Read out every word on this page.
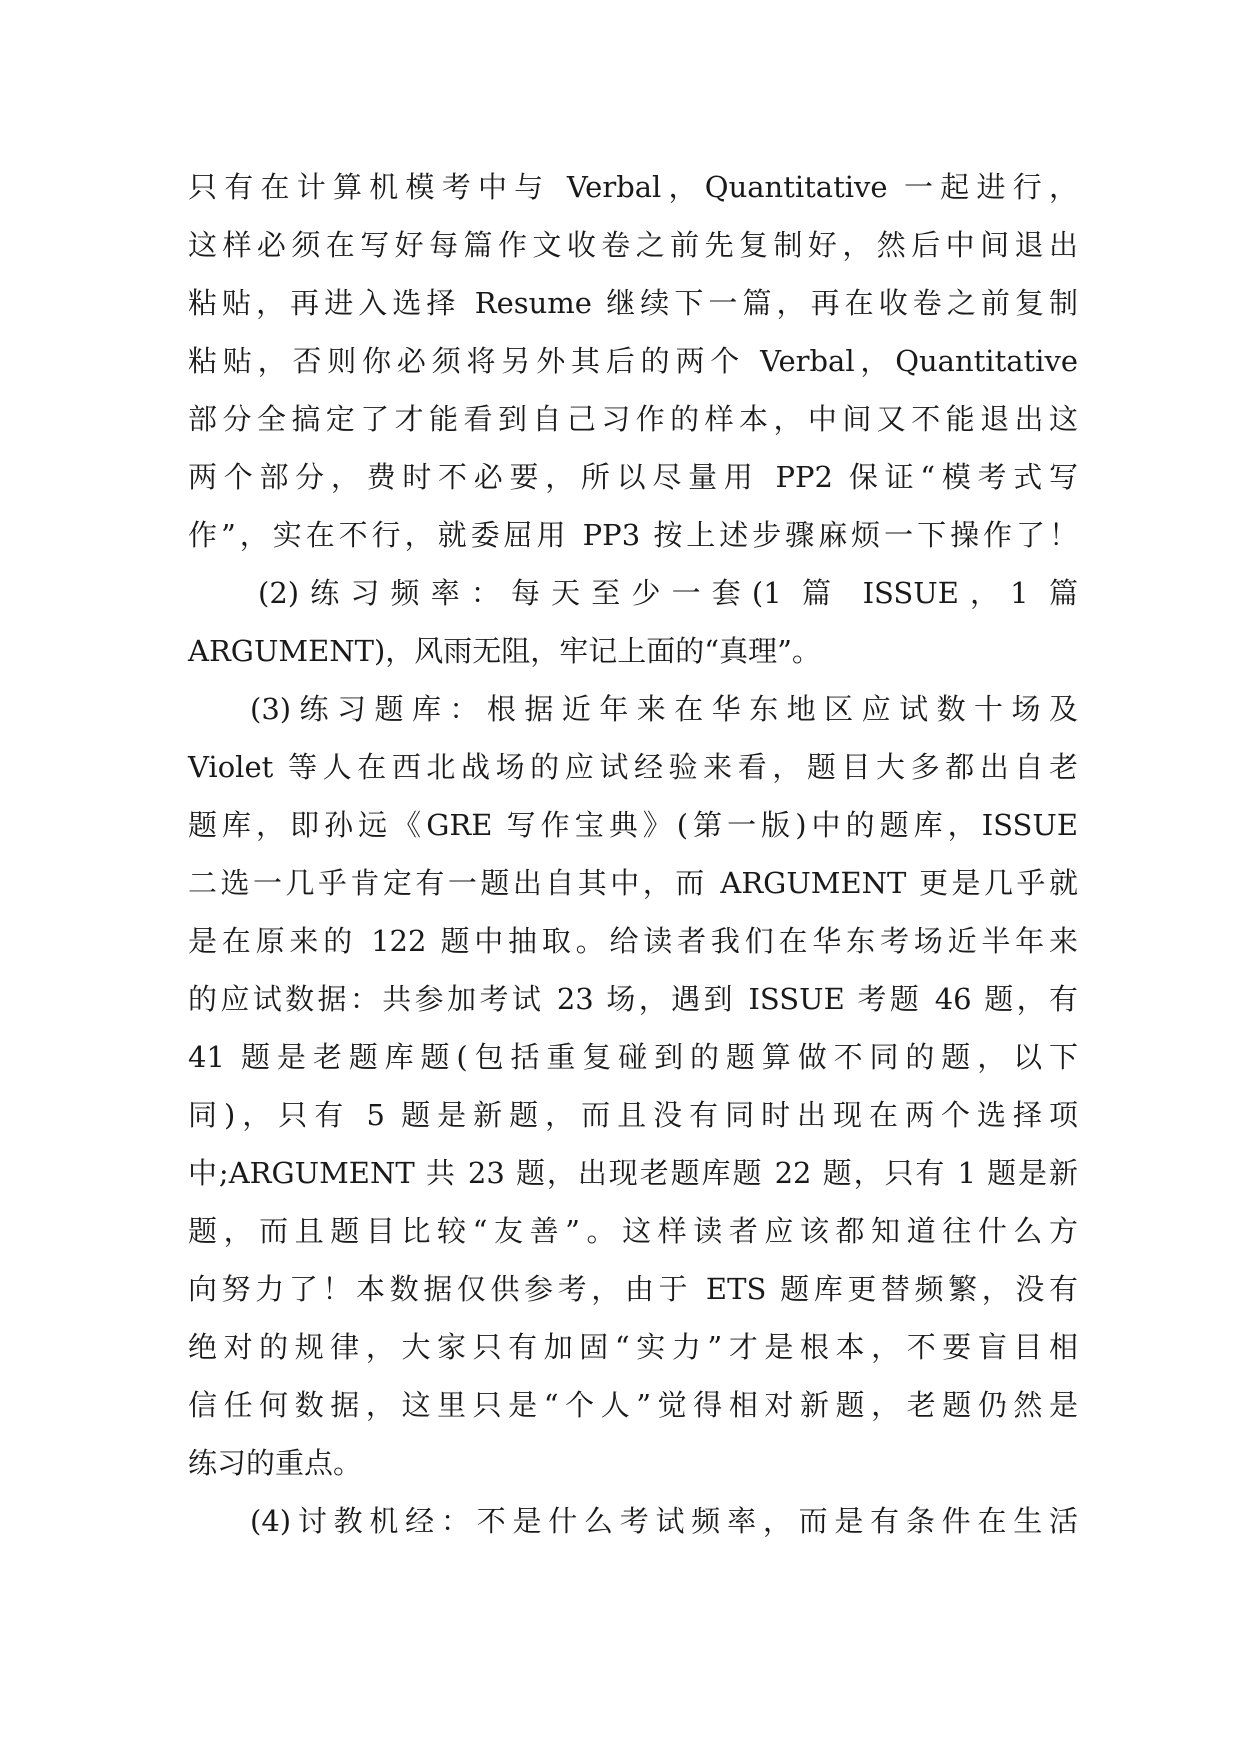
只有在计算机模考中与 Verbal，Quantitative 一起进行，
这样必须在写好每篇作文收卷之前先复制好，然后中间退出
粘贴，再进入选择 Resume 继续下一篇，再在收卷之前复制
粘贴，否则你必须将另外其后的两个 Verbal，Quantitative
部分全搞定了才能看到自己习作的样本，中间又不能退出这
两个部分，费时不必要，所以尽量用 PP2 保证“模考式写
作”，实在不行，就委屈用 PP3 按上述步骤麻烦一下操作了！
(2)练习频率：每天至少一套(1 篇 ISSUE，1 篇
ARGUMENT)，风雨无阻，牢记上面的“真理”。
(3)练习题库：根据近年来在华东地区应试数十场及
Violet 等人在西北战场的应试经验来看，题目大多都出自老
题库，即孙远《GRE 写作宝典》(第一版)中的题库，ISSUE
二选一几乎肯定有一题出自其中，而 ARGUMENT 更是几乎就
是在原来的 122 题中抽取。给读者我们在华东考场近半年来
的应试数据：共参加考试 23 场，遇到 ISSUE 考题 46 题，有
41 题是老题库题(包括重复碰到的题算做不同的题，以下
同)，只有 5 题是新题，而且没有同时出现在两个选择项
中;ARGUMENT 共 23 题，出现老题库题 22 题，只有 1 题是新
题，而且题目比较“友善”。这样读者应该都知道往什么方
向努力了！本数据仅供参考，由于 ETS 题库更替频繁，没有
绝对的规律，大家只有加固“实力”才是根本，不要盲目相
信任何数据，这里只是“个人”觉得相对新题，老题仍然是
练习的重点。
(4)讨教机经：不是什么考试频率，而是有条件在生活
